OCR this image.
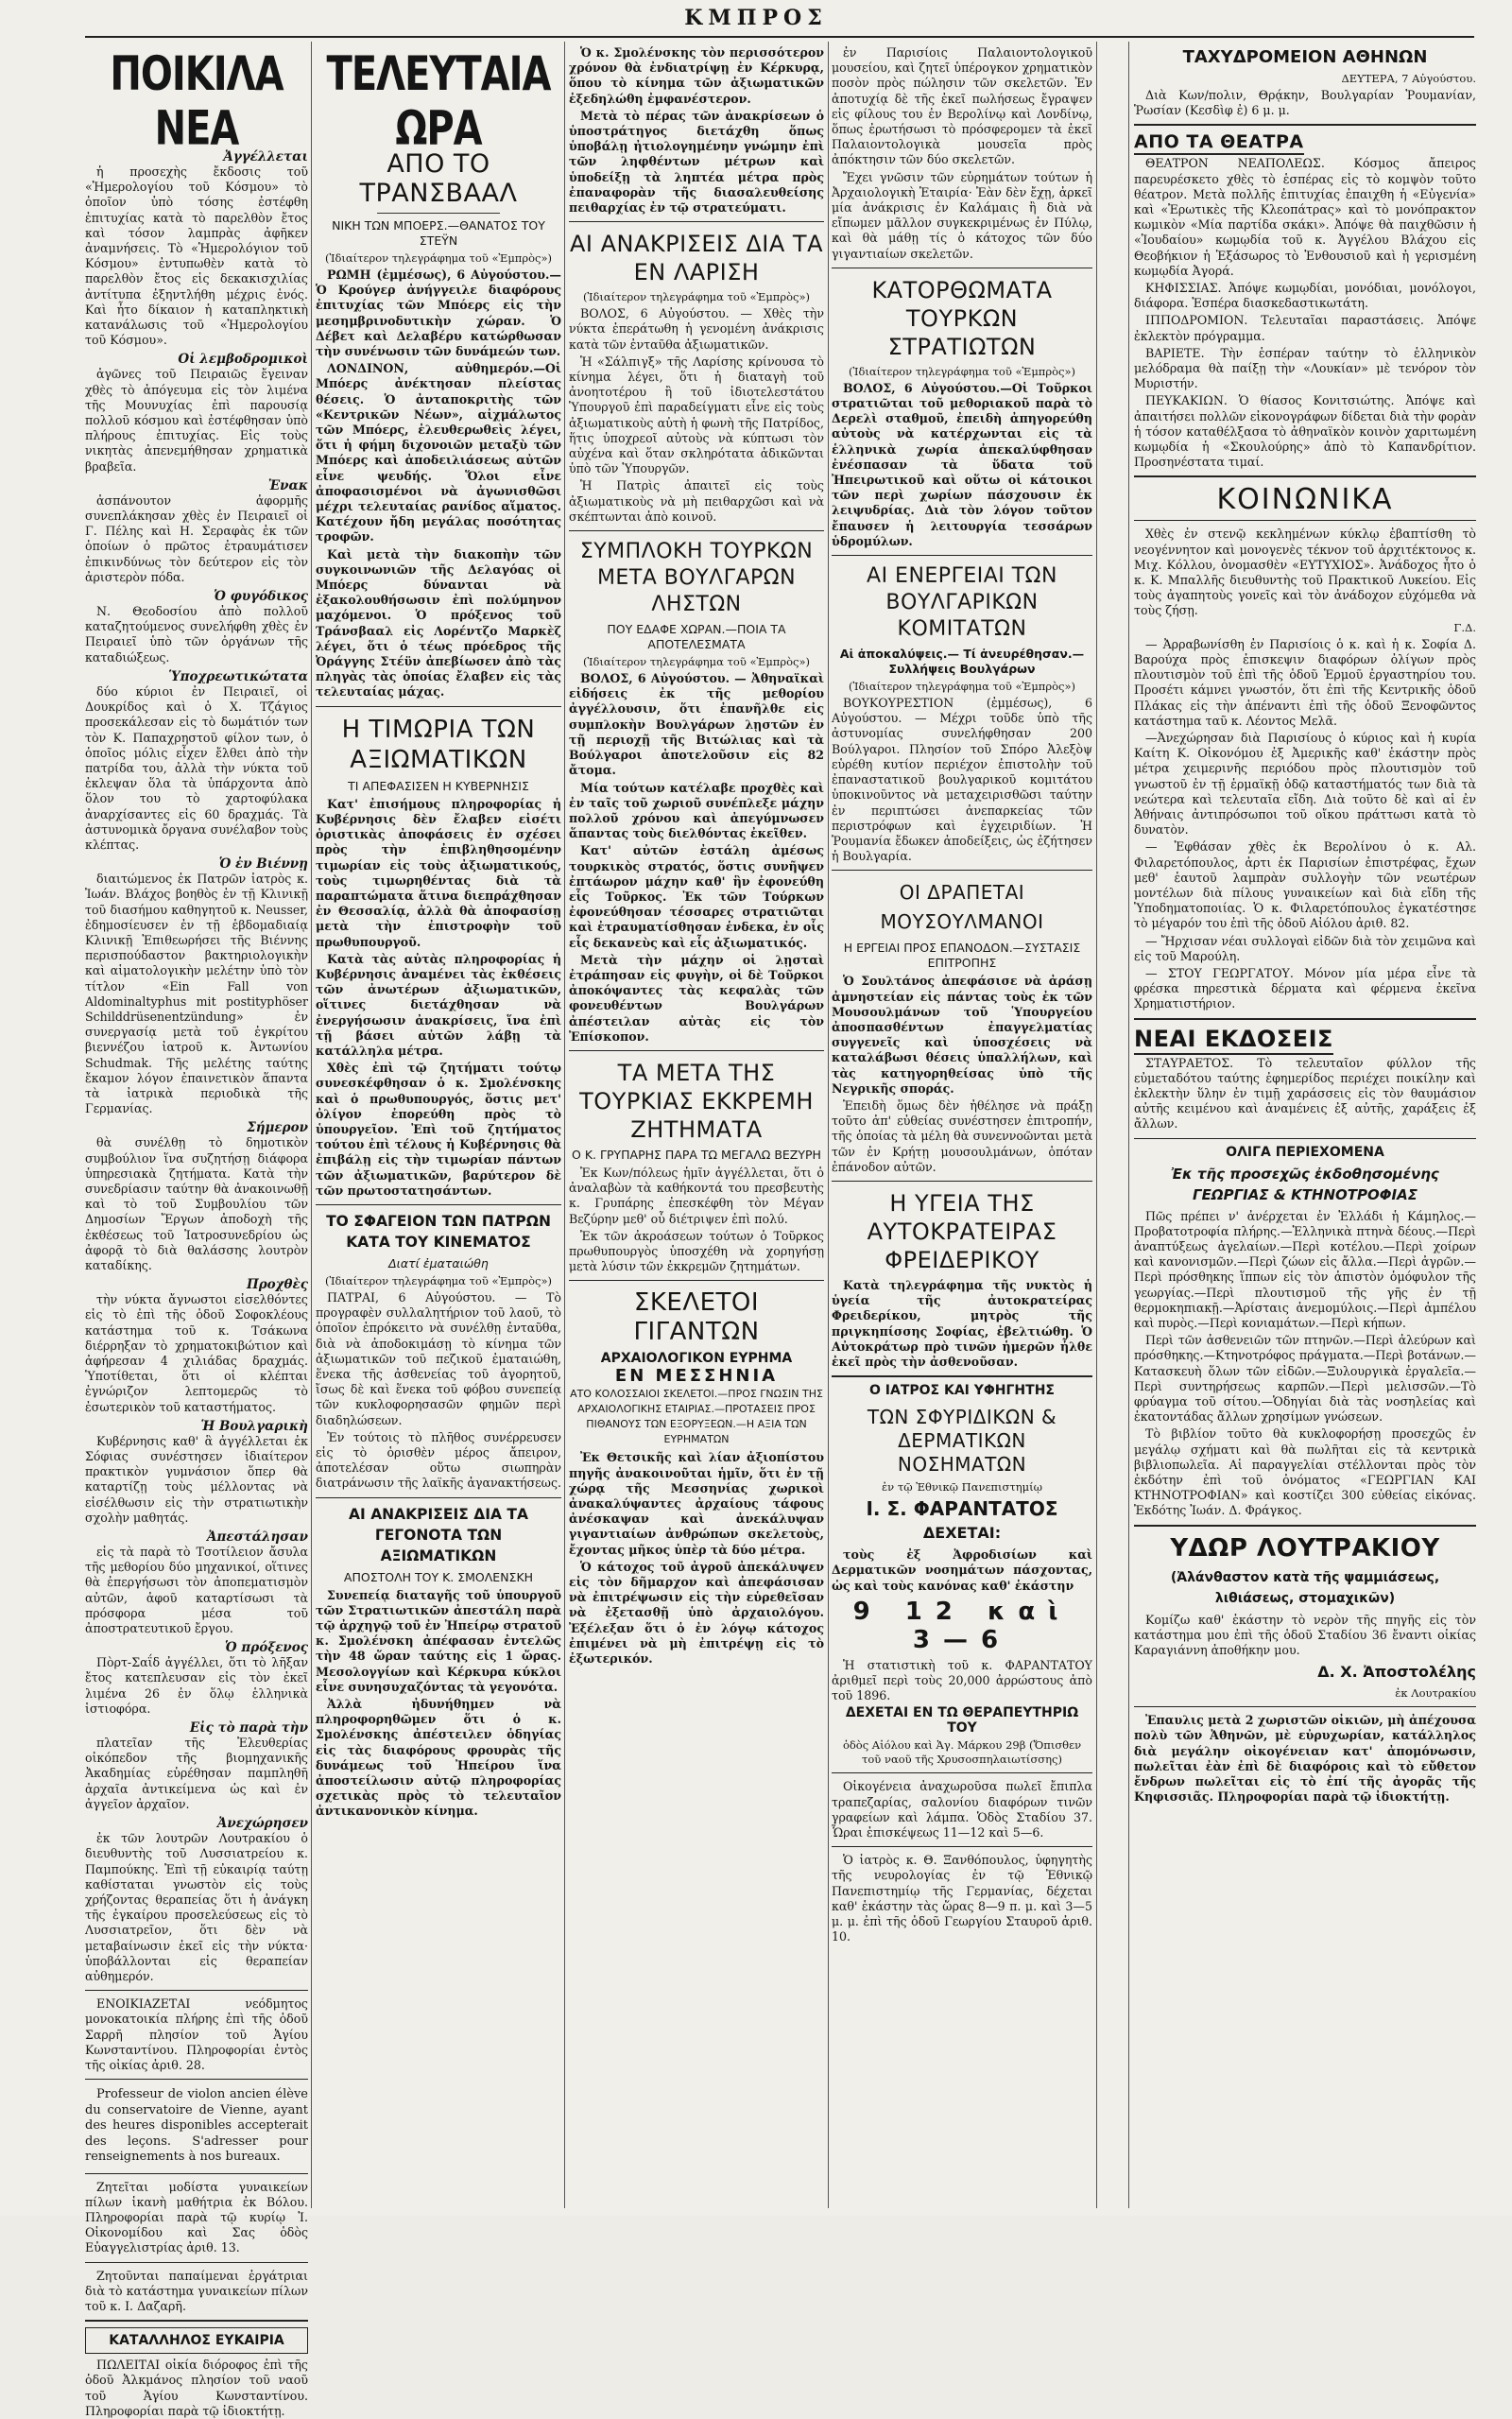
ΚΜΠΡΟΣ
ΠΟΙΚΙΛΑ ΝΕΑ
Ἀγγέλλεται

ἡ προσεχὴς ἔκδοσις τοῦ «Ἡμερολογίου τοῦ Κόσμου» τὸ ὁποῖον ὑπὸ τόσης ἐστέφθη ἐπιτυχίας κατὰ τὸ παρελθὸν ἔτος καὶ τόσον λαμπρὰς ἀφῆκεν ἀναμνήσεις. Τὸ «Ἡμερολόγιον τοῦ Κόσμου» ἐντυπωθὲν κατὰ τὸ παρελθὸν ἔτος εἰς δεκακισχιλίας ἀντίτυπα ἐξηντλήθη μέχρις ἑνός. Καὶ ἦτο δίκαιον ἡ καταπληκτικὴ κατανάλωσις τοῦ «Ἡμερολογίου τοῦ Κόσμου».

Οἱ λεμβοδρομικοὶ

ἀγῶνες τοῦ Πειραιῶς ἔγειναν χθὲς τὸ ἀπόγευμα εἰς τὸν λιμένα τῆς Μουνυχίας ἐπὶ παρουσίᾳ πολλοῦ κόσμου καὶ ἐστέφθησαν ὑπὸ πλήρους ἐπιτυχίας. Εἰς τοὺς νικητὰς ἀπενεμήθησαν χρηματικὰ βραβεῖα.

Ἐνακ

ἀσπάνουτον ἀφορμῆς συνεπλάκησαν χθὲς ἐν Πειραιεῖ οἱ Γ. Πέλης καὶ Η. Σεραφὰς ἐκ τῶν ὁποίων ὁ πρῶτος ἐτραυμάτισεν ἐπικινδύνως τὸν δεύτερον εἰς τὸν ἀριστερὸν πόδα.

Ὁ φυγόδικος

Ν. Θεοδοσίου ἀπὸ πολλοῦ καταζητούμενος συνελήφθη χθὲς ἐν Πειραιεῖ ὑπὸ τῶν ὀργάνων τῆς καταδιώξεως.

Ὑποχρεωτικώτατα

δύο κύριοι ἐν Πειραιεῖ, οἱ Δουκρίδος καὶ ὁ Χ. Τζάγιος προσεκάλεσαν εἰς τὸ δωμάτιόν των τὸν Κ. Παπαχρηστοῦ φίλον των, ὁ ὁποῖος μόλις εἶχεν ἔλθει ἀπὸ τὴν πατρίδα του, ἀλλὰ τὴν νύκτα τοῦ ἐκλεψαν ὅλα τὰ ὑπάρχοντα ἀπὸ ὅλον του τὸ χαρτοφύλακα ἀναρχίσαντες εἰς 60 δραχμάς. Τὰ ἀστυνομικὰ ὄργανα συνέλαβον τοὺς κλέπτας.

Ὁ ἐν Βιέννῃ

διαιτώμενος ἐκ Πατρῶν ἰατρὸς κ. Ἰωάν. Βλάχος βοηθὸς ἐν τῇ Κλινικῇ τοῦ διασήμου καθηγητοῦ κ. Neusser, ἐδημοσίευσεν ἐν τῇ ἑβδομαδιαίᾳ Κλινικῇ Ἐπιθεωρήσει τῆς Βιέννης περισπούδαστον βακτηριολογικὴν καὶ αἱματολογικὴν μελέτην ὑπὸ τὸν τίτλον «Ein Fall von Aldominaltyphus mit postityphöser Schilddrüsenentzündung» ἐν συνεργασίᾳ μετὰ τοῦ ἐγκρίτου βιεννέζου ἰατροῦ κ. Ἀντωνίου Schudmak. Τῆς μελέτης ταύτης ἔκαμον λόγον ἐπαινετικὸν ἅπαντα τὰ ἰατρικὰ περιοδικὰ τῆς Γερμανίας.

Σήμερον

θὰ συνέλθῃ τὸ δημοτικὸν συμβούλιον ἵνα συζητήσῃ διάφορα ὑπηρεσιακὰ ζητήματα. Κατὰ τὴν συνεδρίασιν ταύτην θὰ ἀνακοινωθῇ καὶ τὸ τοῦ Συμβουλίου τῶν Δημοσίων Ἔργων ἀποδοχὴ τῆς ἐκθέσεως τοῦ Ἰατροσυνεδρίου ὡς ἀφορᾷ τὸ διὰ θαλάσσης λουτρὸν καταδίκης.

Προχθὲς

τὴν νύκτα ἄγνωστοι εἰσελθόντες εἰς τὸ ἐπὶ τῆς ὁδοῦ Σοφοκλέους κατάστημα τοῦ κ. Τσάκωνα διέρρηξαν τὸ χρηματοκιβώτιον καὶ ἀφήρεσαν 4 χιλιάδας δραχμάς. Ὑποτίθεται, ὅτι οἱ κλέπται ἐγνώριζον λεπτομερῶς τὸ ἐσωτερικὸν τοῦ καταστήματος.

Ἡ Βουλγαρικὴ

Κυβέρνησις καθ' ἃ ἀγγέλλεται ἐκ Σόφιας συνέστησεν ἰδιαίτερον πρακτικὸν γυμνάσιον ὅπερ θὰ καταρτίζῃ τοὺς μέλλοντας νὰ εἰσέλθωσιν εἰς τὴν στρατιωτικὴν σχολὴν μαθητάς.

Ἀπεστάλησαν

εἰς τὰ παρὰ τὸ Τσοτίλειον ἄσυλα τῆς μεθορίου δύο μηχανικοί, οἵτινες θὰ ἐπεργήσωσι τὸν ἀποπεματισμὸν αὐτῶν, ἀφοῦ καταρτίσωσι τὰ πρόσφορα μέσα τοῦ ἀποστρατευτικοῦ ἔργου.

Ὁ πρόξενος

Πὸρτ-Σαΐδ ἀγγέλλει, ὅτι τὸ λῆξαν ἔτος κατεπλευσαν εἰς τὸν ἐκεῖ λιμένα 26 ἐν ὅλῳ ἑλληνικὰ ἱστιοφόρα.

Εἰς τὸ παρὰ τὴν

πλατεῖαν τῆς Ἐλευθερίας οἰκόπεδον τῆς βιομηχανικῆς Ἀκαδημίας εὑρέθησαν παμπληθῆ ἀρχαῖα ἀντικείμενα ὡς καὶ ἐν ἀγγεῖον ἀρχαῖον.

Ἀνεχώρησεν

ἐκ τῶν λουτρῶν Λουτρακίου ὁ διευθυντὴς τοῦ Λυσσιατρείου κ. Παμπούκης. Ἐπὶ τῇ εὐκαιρίᾳ ταύτῃ καθίσταται γνωστὸν εἰς τοὺς χρήζοντας θεραπείας ὅτι ἡ ἀνάγκη τῆς ἐγκαίρου προσελεύσεως εἰς τὸ Λυσσιατρεῖον, ὅτι δὲν νὰ μεταβαίνωσιν ἐκεῖ εἰς τὴν νύκτα· ὑποβάλλονται εἰς θεραπείαν αὐθημερόν.

ΕΝΟΙΚΙΑΖΕΤΑΙ νεόδμητος μονοκατοικία πλήρης ἐπὶ τῆς ὁδοῦ Σαρρῆ πλησίον τοῦ Ἀγίου Κωνσταντίνου. Πληροφορίαι ἐντὸς τῆς οἰκίας ἀριθ. 28.

Professeur de violon ancien élève du conservatoire de Vienne, ayant des heures disponibles accepterait des leçons. S'adresser pour renseignements à nos bureaux.

Ζητεῖται μοδίστα γυναικείων πίλων ἱκανὴ μαθήτρια ἐκ Βόλου. Πληροφορίαι παρὰ τῷ κυρίῳ Ἰ. Οἰκονομίδου καὶ Σας ὁδὸς Εὐαγγελιστρίας ἀριθ. 13.

Ζητοῦνται παπαίμεναι ἐργάτριαι διὰ τὸ κατάστημα γυναικείων πίλων τοῦ κ. Ι. Δαζαρῆ.

ΚΑΤΑΛΛΗΛΟΣ ΕΥΚΑΙΡΙΑ

ΠΩΛΕΙΤΑΙ οἰκία διόροφος ἐπὶ τῆς ὁδοῦ Ἀλκμάνος πλησίον τοῦ ναοῦ τοῦ Ἁγίου Κωνσταντίνου. Πληροφορίαι παρὰ τῷ ἰδιοκτήτῃ.

ΤΕΛΕΥΤΑΙΑ ΩΡΑ
ΑΠΟ ΤΟ ΤΡΑΝΣΒΑΑΛ
ΝΙΚΗ ΤΩΝ ΜΠΟΕΡΣ.—ΘΑΝΑΤΟΣ ΤΟΥ ΣΤΕΫΝ
(Ἰδιαίτερον τηλεγράφημα τοῦ «Ἐμπρὸς»)

ΡΩΜΗ (ἐμμέσως), 6 Αὐγούστου.—Ὁ Κρούγερ ἀνήγγειλε διαφόρους ἐπιτυχίας τῶν Μπόερς εἰς τὴν μεσημβρινοδυτικὴν χώραν. Ὁ Δέβετ καὶ Δελαβέρυ κατώρθωσαν τὴν συνένωσιν τῶν δυνάμεών των.

ΛΟΝΔΙΝΟΝ, αὐθημερόν.—Οἱ Μπόερς ἀνέκτησαν πλείστας θέσεις. Ὁ ἀνταποκριτὴς τῶν «Κεντρικῶν Νέων», αἰχμάλωτος τῶν Μπόερς, ἐλευθερωθεὶς λέγει, ὅτι ἡ φήμη διχονοιῶν μεταξὺ τῶν Μπόερς καὶ ἀποδειλιάσεως αὐτῶν εἶνε ψευδής. Ὅλοι εἶνε ἀποφασισμένοι νὰ ἀγωνισθῶσι μέχρι τελευταίας ρανίδος αἵματος. Κατέχουν ἤδη μεγάλας ποσότητας τροφῶν.

Καὶ μετὰ τὴν διακοπὴν τῶν συγκοινωνιῶν τῆς Δελαγόας οἱ Μπόερς δύνανται νὰ ἐξακολουθήσωσιν ἐπὶ πολύμηνον μαχόμενοι. Ὁ πρόξενος τοῦ Τράνσβααλ εἰς Λορέντζο Μαρκὲζ λέγει, ὅτι ὁ τέως πρόεδρος τῆς Ὀράγγης Στέϋν ἀπεβίωσεν ἀπὸ τὰς πληγὰς τὰς ὁποίας ἔλαβεν εἰς τὰς τελευταίας μάχας.

Η ΤΙΜΩΡΙΑ ΤΩΝ ΑΞΙΩΜΑΤΙΚΩΝ
ΤΙ ΑΠΕΦΑΣΙΣΕΝ Η ΚΥΒΕΡΝΗΣΙΣ

Κατ' ἐπισήμους πληροφορίας ἡ Κυβέρνησις δὲν ἔλαβεν εἰσέτι ὁριστικὰς ἀποφάσεις ἐν σχέσει πρὸς τὴν ἐπιβληθησομένην τιμωρίαν εἰς τοὺς ἀξιωματικούς, τοὺς τιμωρηθέντας διὰ τὰ παραπτώματα ἅτινα διεπράχθησαν ἐν Θεσσαλίᾳ, ἀλλὰ θὰ ἀποφασίσῃ μετὰ τὴν ἐπιστροφὴν τοῦ πρωθυπουργοῦ.

Κατὰ τὰς αὐτὰς πληροφορίας ἡ Κυβέρνησις ἀναμένει τὰς ἐκθέσεις τῶν ἀνωτέρων ἀξιωματικῶν, οἵτινες διετάχθησαν νὰ ἐνεργήσωσιν ἀνακρίσεις, ἵνα ἐπὶ τῇ βάσει αὐτῶν λάβῃ τὰ κατάλληλα μέτρα.

Χθὲς ἐπὶ τῷ ζητήματι τούτῳ συνεσκέφθησαν ὁ κ. Σμολένσκης καὶ ὁ πρωθυπουργός, ὅστις μετ' ὀλίγον ἐπορεύθη πρὸς τὸ ὑπουργεῖον. Ἐπὶ τοῦ ζητήματος τούτου ἐπὶ τέλους ἡ Κυβέρνησις θὰ ἐπιβάλῃ εἰς τὴν τιμωρίαν πάντων τῶν ἀξιωματικῶν, βαρύτερον δὲ τῶν πρωτοστατησάντων.

ΤΟ ΣΦΑΓΕΙΟΝ ΤΩΝ ΠΑΤΡΩΝ ΚΑΤΑ ΤΟΥ ΚΙΝΕΜΑΤΟΣ
Διατί ἐματαιώθη
(Ἰδιαίτερον τηλεγράφημα τοῦ «Ἐμπρὸς»)

ΠΑΤΡΑΙ, 6 Αὐγούστου. — Τὸ προγραφὲν συλλαλητήριον τοῦ λαοῦ, τὸ ὁποῖον ἐπρόκειτο νὰ συνέλθῃ ἐνταῦθα, διὰ νὰ ἀποδοκιμάσῃ τὸ κίνημα τῶν ἀξιωματικῶν τοῦ πεζικοῦ ἐματαιώθη, ἕνεκα τῆς ἀσθενείας τοῦ ἀγορητοῦ, ἴσως δὲ καὶ ἕνεκα τοῦ φόβου συνεπείᾳ τῶν κυκλοφορησασῶν φημῶν περὶ διαδηλώσεων.

Ἐν τούτοις τὸ πλῆθος συνέρρευσεν εἰς τὸ ὁρισθὲν μέρος ἄπειρον, ἀποτελέσαν οὕτω σιωπηρὰν διατράνωσιν τῆς λαϊκῆς ἀγανακτήσεως.

ΑΙ ΑΝΑΚΡΙΣΕΙΣ ΔΙΑ ΤΑ ΓΕΓΟΝΟΤΑ ΤΩΝ ΑΞΙΩΜΑΤΙΚΩΝ
ΑΠΟΣΤΟΛΗ ΤΟΥ Κ. ΣΜΟΛΕΝΣΚΗ

Συνεπείᾳ διαταγῆς τοῦ ὑπουργοῦ τῶν Στρατιωτικῶν ἀπεστάλη παρὰ τῷ ἀρχηγῷ τοῦ ἐν Ἠπείρῳ στρατοῦ κ. Σμολένσκη ἀπέφασαν ἐντελῶς τὴν 48 ὥραν ταύτης εἰς 1 ὥρας. Μεσολογγίων καὶ Κέρκυρα κύκλοι εἶνε συνησυχαζόντας τὰ γεγονότα.

Ἀλλὰ ἠδυνήθημεν νὰ πληροφορηθῶμεν ὅτι ὁ κ. Σμολένσκης ἀπέστειλεν ὁδηγίας εἰς τὰς διαφόρους φρουρὰς τῆς δυνάμεως τοῦ Ἠπείρου ἵνα ἀποστείλωσιν αὐτῷ πληροφορίας σχετικὰς πρὸς τὸ τελευταῖον ἀντικανονικὸν κίνημα.

Ὁ κ. Σμολένσκης τὸν περισσότερον χρόνον θὰ ἐνδιατρίψῃ ἐν Κέρκυρᾳ, ὅπου τὸ κίνημα τῶν ἀξιωματικῶν ἐξεδηλώθη ἐμφανέστερον.

Μετὰ τὸ πέρας τῶν ἀνακρίσεων ὁ ὑποστράτηγος διετάχθη ὅπως ὑποβάλῃ ἠτιολογημένην γνώμην ἐπὶ τῶν ληφθέντων μέτρων καὶ ὑποδείξῃ τὰ ληπτέα μέτρα πρὸς ἐπαναφορὰν τῆς διασαλευθείσης πειθαρχίας ἐν τῷ στρατεύματι.

ΑΙ ΑΝΑΚΡΙΣΕΙΣ ΔΙΑ ΤΑ ΕΝ ΛΑΡΙΣΗ
(Ἰδιαίτερον τηλεγράφημα τοῦ «Ἐμπρὸς»)

ΒΟΛΟΣ, 6 Αὐγούστου. — Χθὲς τὴν νύκτα ἐπεράτωθη ἡ γενομένη ἀνάκρισις κατὰ τῶν ἐνταῦθα ἀξιωματικῶν.

Ἡ «Σάλπιγξ» τῆς Λαρίσης κρίνουσα τὸ κίνημα λέγει, ὅτι ἡ διαταγὴ τοῦ ἀνοητοτέρου ἢ τοῦ ἰδιοτελεστάτου Ὑπουργοῦ ἐπὶ παραδείγματι εἶνε εἰς τοὺς ἀξιωματικοὺς αὐτὴ ἡ φωνὴ τῆς Πατρίδος, ἥτις ὑποχρεοῖ αὐτοὺς νὰ κύπτωσι τὸν αὐχένα καὶ ὅταν σκληρότατα ἀδικῶνται ὑπὸ τῶν Ὑπουργῶν.

Ἡ Πατρὶς ἀπαιτεῖ εἰς τοὺς ἀξιωματικοὺς νὰ μὴ πειθαρχῶσι καὶ νὰ σκέπτωνται ἀπὸ κοινοῦ.

ΣΥΜΠΛΟΚΗ ΤΟΥΡΚΩΝ ΜΕΤΑ ΒΟΥΛΓΑΡΩΝ ΛΗΣΤΩΝ
ΠΟΥ ΕΔΑΦΕ ΧΩΡΑΝ.—ΠΟΙΑ ΤΑ ΑΠΟΤΕΛΕΣΜΑΤΑ
(Ἰδιαίτερον τηλεγράφημα τοῦ «Ἐμπρὸς»)

ΒΟΛΟΣ, 6 Αὐγούστου. — Ἀθηναϊκαὶ εἰδήσεις ἐκ τῆς μεθορίου ἀγγέλλουσιν, ὅτι ἐπανῆλθε εἰς συμπλοκὴν Βουλγάρων λῃστῶν ἐν τῇ περιοχῇ τῆς Βιτώλιας καὶ τὰ Βούλγαροι ἀποτελοῦσιν εἰς 82 ἄτομα.

Μία τούτων κατέλαβε προχθὲς καὶ ἐν ταῖς τοῦ χωριοῦ συνέπλεξε μάχην πολλοῦ χρόνου καὶ ἀπεγύμνωσεν ἅπαντας τοὺς διελθόντας ἐκεῖθεν.

Κατ' αὐτῶν ἐστάλη ἀμέσως τουρκικὸς στρατός, ὅστις συνῆψεν ἐπτάωρον μάχην καθ' ἣν ἐφονεύθη εἷς Τοῦρκος. Ἐκ τῶν Τούρκων ἐφονεύθησαν τέσσαρες στρατιῶται καὶ ἐτραυματίσθησαν ἑνδεκα, ἐν οἷς εἷς δεκανεὺς καὶ εἷς ἀξιωματικός.

Μετὰ τὴν μάχην οἱ λῃσταὶ ἐτράπησαν εἰς φυγὴν, οἱ δὲ Τοῦρκοι ἀποκόψαντες τὰς κεφαλὰς τῶν φονευθέντων Βουλγάρων ἀπέστειλαν αὐτὰς εἰς τὸν Ἐπίσκοπον.

ΤΑ ΜΕΤΑ ΤΗΣ ΤΟΥΡΚΙΑΣ ΕΚΚΡΕΜΗ ΖΗΤΗΜΑΤΑ
Ο Κ. ΓΡΥΠΑΡΗΣ ΠΑΡΑ ΤΩ ΜΕΓΑΛΩ ΒΕΖΥΡΗ

Ἐκ Κων/πόλεως ἡμῖν ἀγγέλλεται, ὅτι ὁ ἀναλαβὼν τὰ καθήκοντά του πρεσβευτὴς κ. Γρυπάρης ἐπεσκέφθη τὸν Μέγαν Βεζύρην μεθ' οὗ διέτριψεν ἐπὶ πολύ.

Ἐκ τῶν ἀκροάσεων τούτων ὁ Τοῦρκος πρωθυπουργὸς ὑποσχέθη νὰ χορηγήσῃ μετὰ λύσιν τῶν ἐκκρεμῶν ζητημάτων.

ΣΚΕΛΕΤΟΙ ΓΙΓΑΝΤΩΝ
ΑΡΧΑΙΟΛΟΓΙΚΟΝ ΕΥΡΗΜΑ
ΕΝ ΜΕΣΣΗΝΙΑ
ΑΤΟ ΚΟΛΟΣΣΑΙΟΙ ΣΚΕΛΕΤΟΙ.—ΠΡΟΣ ΓΝΩΣΙΝ ΤΗΣ ΑΡΧΑΙΟΛΟΓΙΚΗΣ ΕΤΑΙΡΙΑΣ.—ΠΡΟΤΑΣΕΙΣ ΠΡΟΣ ΠΙΘΑΝΟΥΣ ΤΩΝ ΕΞΟΡΥΞΕΩΝ.—Η ΑΞΙΑ ΤΩΝ ΕΥΡΗΜΑΤΩΝ

Ἐκ Θετσικῆς καὶ λίαν ἀξιοπίστου πηγῆς ἀνακοινοῦται ἡμῖν, ὅτι ἐν τῇ χώρᾳ τῆς Μεσσηνίας χωρικοὶ ἀνακαλύψαντες ἀρχαίους τάφους ἀνέσκαψαν καὶ ἀνεκάλυψαν γιγαντιαίων ἀνθρώπων σκελετοὺς, ἔχοντας μῆκος ὑπὲρ τὰ δύο μέτρα.

Ὁ κάτοχος τοῦ ἀγροῦ ἀπεκάλυψεν εἰς τὸν δῆμαρχον καὶ ἀπεφάσισαν νὰ ἐπιτρέψωσιν εἰς τὴν εὑρεθεῖσαν νὰ ἐξετασθῇ ὑπὸ ἀρχαιολόγου. Ἐξέλεξαν ὅτι ὁ ἐν λόγῳ κάτοχος ἐπιμένει νὰ μὴ ἐπιτρέψῃ εἰς τὸ ἐξωτερικόν.

ἐν Παρισίοις Παλαιοντολογικοῦ μουσείου, καὶ ζητεῖ ὑπέρογκον χρηματικὸν ποσὸν πρὸς πώλησιν τῶν σκελετῶν. Ἐν ἀποτυχίᾳ δὲ τῆς ἐκεῖ πωλήσεως ἔγραψεν εἰς φίλους του ἐν Βερολίνῳ καὶ Λονδίνῳ, ὅπως ἐρωτήσωσι τὸ πρόσφερομεν τὰ ἐκεῖ Παλαιοντολογικὰ μουσεῖα πρὸς ἀπόκτησιν τῶν δύο σκελετῶν.

Ἔχει γνῶσιν τῶν εὑρημάτων τούτων ἡ Ἀρχαιολογικὴ Ἑταιρία· Ἐὰν δὲν ἔχῃ, ἀρκεῖ μία ἀνάκρισις ἐν Καλάμαις ἢ διὰ νὰ εἴπωμεν μᾶλλον συγκεκριμένως ἐν Πύλῳ, καὶ θὰ μάθῃ τίς ὁ κάτοχος τῶν δύο γιγαντιαίων σκελετῶν.

ΚΑΤΟΡΘΩΜΑΤΑ ΤΟΥΡΚΩΝ ΣΤΡΑΤΙΩΤΩΝ
(Ἰδιαίτερον τηλεγράφημα τοῦ «Ἐμπρὸς»)

ΒΟΛΟΣ, 6 Αὐγούστου.—Οἱ Τοῦρκοι στρατιῶται τοῦ μεθοριακοῦ παρὰ τὸ Δερελὶ σταθμοῦ, ἐπειδὴ ἀπηγορεύθη αὐτοὺς νὰ κατέρχωνται εἰς τὰ ἑλληνικὰ χωρία ἀπεκαλύφθησαν ἐνέσπασαν τὰ ὕδατα τοῦ Ἠπειρωτικοῦ καὶ οὕτω οἱ κάτοικοι τῶν περὶ χωρίων πάσχουσιν ἐκ λειψυδρίας. Διὰ τὸν λόγον τοῦτον ἔπαυσεν ἡ λειτουργία τεσσάρων ὑδρομύλων.

ΑΙ ΕΝΕΡΓΕΙΑΙ ΤΩΝ ΒΟΥΛΓΑΡΙΚΩΝ ΚΟΜΙΤΑΤΩΝ
Αἱ ἀποκαλύψεις.— Τί ἀνευρέθησαν.— Συλλήψεις Βουλγάρων
(Ἰδιαίτερον τηλεγράφημα τοῦ «Ἐμπρὸς»)

ΒΟΥΚΟΥΡΕΣΤΙΟΝ (ἐμμέσως), 6 Αὐγούστου. — Μέχρι τοῦδε ὑπὸ τῆς ἀστυνομίας συνελήφθησαν 200 Βούλγαροι. Πλησίον τοῦ Σπόρο Ἀλεξὸψ εὑρέθη κυτίον περιέχον ἐπιστολὴν τοῦ ἐπαναστατικοῦ βουλγαρικοῦ κομιτάτου ὑποκινοῦντος νὰ μεταχειρισθῶσι ταύτην ἐν περιπτώσει ἀνεπαρκείας τῶν περιστρόφων καὶ ἐγχειριδίων. Ἡ Ῥουμανία ἔδωκεν ἀποδείξεις, ὡς ἐζήτησεν ἡ Βουλγαρία.

ΟΙ ΔΡΑΠΕΤΑΙ ΜΟΥΣΟΥΛΜΑΝΟΙ
Η ΕΡΓΕΙΑΙ ΠΡΟΣ ΕΠΑΝΟΔΟΝ.—ΣΥΣΤΑΣΙΣ ΕΠΙΤΡΟΠΗΣ

Ὁ Σουλτάνος ἀπεφάσισε νὰ ἀράσῃ ἀμνηστείαν εἰς πάντας τοὺς ἐκ τῶν Μουσουλμάνων τοῦ Ὑπουργείου ἀποσπασθέντων ἐπαγγελματίας συγγενεῖς καὶ ὑποσχέσεις νὰ καταλάβωσι θέσεις ὑπαλλήλων, καὶ τὰς κατηγορηθείσας ὑπὸ τῆς Νεγρικῆς σποράς.

Ἐπειδὴ ὅμως δὲν ἠθέλησε νὰ πράξῃ τοῦτο ἀπ' εὐθείας συνέστησεν ἐπιτροπήν, τῆς ὁποίας τὰ μέλη θὰ συνεννοῶνται μετὰ τῶν ἐν Κρήτῃ μουσουλμάνων, ὁπόταν ἐπάνοδον αὐτῶν.

Η ΥΓΕΙΑ ΤΗΣ ΑΥΤΟΚΡΑΤΕΙΡΑΣ ΦΡΕΙΔΕΡΙΚΟΥ

Κατὰ τηλεγράφημα τῆς νυκτὸς ἡ ὑγεία τῆς ἀυτοκρατείρας Φρειδερίκου, μητρὸς τῆς πριγκηπίσσης Σοφίας, ἐβελτιώθη. Ὁ Αὐτοκράτωρ πρὸ τινῶν ἡμερῶν ἦλθε ἐκεῖ πρὸς τὴν ἀσθενοῦσαν.

Ο ΙΑΤΡΟΣ ΚΑΙ ΥΦΗΓΗΤΗΣ
ΤΩΝ ΣΦΥΡΙΔΙΚΩΝ & ΔΕΡΜΑΤΙΚΩΝ ΝΟΣΗΜΑΤΩΝ
ἐν τῷ Ἐθνικῷ Πανεπιστημίῳ
Ι. Σ. ΦΑΡΑΝΤΑΤΟΣ
ΔΕΧΕΤΑΙ:

τοὺς ἐξ Ἀφροδισίων καὶ Δερματικῶν νοσημάτων πάσχοντας, ὡς καὶ τοὺς κανόνας καθ' ἑκάστην

9 12 καὶ 3—6

Ἡ στατιστικὴ τοῦ κ. ΦΑΡΑΝΤΑΤΟΥ ἀριθμεῖ περὶ τοὺς 20,000 ἀρρώστους ἀπὸ τοῦ 1896.

ΔΕΧΕΤΑΙ ΕΝ ΤΩ ΘΕΡΑΠΕΥΤΗΡΙΩ ΤΟΥ
ὁδὸς Αἰόλου καὶ Ἁγ. Μάρκου 29β (Ὄπισθεν τοῦ ναοῦ τῆς Χρυσοσπηλαιωτίσσης)

Οἰκογένεια ἀναχωροῦσα πωλεῖ ἔπιπλα τραπεζαρίας, σαλονίου διαφόρων τινῶν γραφείων καὶ λάμπα. Ὁδὸς Σταδίου 37. Ὧραι ἐπισκέψεως 11—12 καὶ 5—6.

Ὁ ἰατρὸς κ. Θ. Ξανθόπουλος, ὑφηγητὴς τῆς νευρολογίας ἐν τῷ Ἐθνικῷ Πανεπιστημίῳ τῆς Γερμανίας, δέχεται καθ' ἑκάστην τὰς ὥρας 8—9 π. μ. καὶ 3—5 μ. μ. ἐπὶ τῆς ὁδοῦ Γεωργίου Σταυροῦ ἀριθ. 10.

ΤΑΧΥΔΡΟΜΕΙΟΝ ΑΘΗΝΩΝ
ΔΕΥΤΕΡΑ, 7 Αὐγούστου.

Διὰ Κων/πολιν, Θρᾴκην, Βουλγαρίαν Ῥουμανίαν, Ῥωσίαν (Κεσδὶφ ἐ) 6 μ. μ.

ΑΠΟ ΤΑ ΘΕΑΤΡΑ

ΘΕΑΤΡΟΝ ΝΕΑΠΟΛΕΩΣ. Κόσμος ἄπειρος παρευρέσκετο χθὲς τὸ ἑσπέρας εἰς τὸ κομψὸν τοῦτο θέατρον. Μετὰ πολλῆς ἐπιτυχίας ἐπαιχθη ἡ «Εὐγενία» καὶ «Ἐρωτικὲς τῆς Κλεοπάτρας» καὶ τὸ μονόπρακτον κωμικὸν «Μία παρτίδα σκάκι». Ἀπόψε θὰ παιχθῶσιν ἡ «Ἰουδαίου» κωμῳδία τοῦ κ. Ἀγγέλου Βλάχου εἰς Θεοβήκιον ἡ Ἐξάσωρος τὸ Ἐνθουσιοῦ καὶ ἡ γερισμένη κωμῳδία Ἀγορά.

ΚΗΦΙΣΣΙΑΣ. Ἀπόψε κωμῳδίαι, μονόδιαι, μονόλογοι, διάφορα. Ἑσπέρα διασκεδαστικωτάτη.

ΙΠΠΟΔΡΟΜΙΟΝ. Τελευταῖαι παραστάσεις. Ἀπόψε ἐκλεκτὸν πρόγραμμα.

ΒΑΡΙΕΤΕ. Τὴν ἑσπέραν ταύτην τὸ ἑλληνικὸν μελόδραμα θὰ παίξῃ τὴν «Λουκίαν» μὲ τενόρον τὸν Μυριστήν.

ΠΕΥΚΑΚΙΩΝ. Ὁ θίασος Κονιτσιώτης. Ἀπόψε καὶ ἀπαιτήσει πολλῶν εἰκονογράφων δίδεται διὰ τὴν φορὰν ἡ τόσον καταθέλξασα τὸ ἀθηναϊκὸν κοινὸν χαριτωμένη κωμῳδία ἡ «Σκουλούρης» ἀπὸ τὸ Καπανδρίτιον. Προσηνέστατα τιμαί.

ΚΟΙΝΩΝΙΚΑ

Χθὲς ἐν στενῷ κεκλημένων κύκλῳ ἐβαπτίσθη τὸ νεογέννητον καὶ μονογενὲς τέκνον τοῦ ἀρχιτέκτονος κ. Μιχ. Κόλλου, ὀνομασθὲν «ΕΥΤΥΧΙΟΣ». Ἀνάδοχος ἦτο ὁ κ. Κ. Μπαλλῆς διευθυντὴς τοῦ Πρακτικοῦ Λυκείου. Εἰς τοὺς ἀγαπητοὺς γονεῖς καὶ τὸν ἀνάδοχον εὐχόμεθα νὰ τοὺς ζήσῃ.

Γ.Δ.

— Ἀρραβωνίσθη ἐν Παρισίοις ὁ κ. καὶ ἡ κ. Σοφία Δ. Βαρούχα πρὸς ἐπισκεψιν διαφόρων ὀλίγων πρὸς πλουτισμὸν τοῦ ἐπὶ τῆς ὁδοῦ Ἑρμοῦ ἐργαστηρίου του. Προσέτι κάμνει γνωστόν, ὅτι ἐπὶ τῆς Κεντρικῆς ὁδοῦ Πλάκας εἰς τὴν ἀπέναντι ἐπὶ τῆς ὁδοῦ Ξενοφῶντος κατάστημα ταῦ κ. Λέοντος Μελᾶ.

—Ἀνεχώρησαν διὰ Παρισίους ὁ κύριος καὶ ἡ κυρία Καίτη Κ. Οἰκονόμου ἐξ Ἀμερικῆς καθ' ἑκάστην πρὸς μέτρα χειμερινῆς περιόδου πρὸς πλουτισμὸν τοῦ γνωστοῦ ἐν τῇ ἑρμαϊκῇ ὁδῷ καταστήματός των διὰ τὰ νεώτερα καὶ τελευταῖα εἴδη. Διὰ τοῦτο δὲ καὶ αἱ ἐν Ἀθήναις ἀντιπρόσωποι τοῦ οἴκου πράττωσι κατὰ τὸ δυνατὸν.

— Ἐφθάσαν χθὲς ἐκ Βερολίνου ὁ κ. Αλ. Φιλαρετόπουλος, ἀρτι ἐκ Παρισίων ἐπιστρέφας, ἔχων μεθ' ἑαυτοῦ λαμπρὰν συλλογὴν τῶν νεωτέρων μοντέλων διὰ πίλους γυναικείων καὶ διὰ εἴδη τῆς Ὑποδηματοποιίας. Ὁ κ. Φιλαρετόπουλος ἐγκατέστησε τὸ μέγαρόν του ἐπὶ τῆς ὁδοῦ Αἰόλου ἀριθ. 82.

— Ἤρχισαν νέαι συλλογαὶ εἰδῶν διὰ τὸν χειμῶνα καὶ εἰς τοῦ Μαρούλη.

— ΣΤΟΥ ΓΕΩΡΓΑΤΟΥ. Μόνον μία μέρα εἶνε τὰ φρέσκα πηρεστικὰ δέρματα καὶ φέρμενα ἐκεῖνα Χρηματιστήριον.

ΝΕΑΙ ΕΚΔΟΣΕΙΣ

ΣΤΑΥΡΑΕΤΟΣ. Τὸ τελευταῖον φύλλον τῆς εὐμεταδότου ταύτης ἐφημερίδος περιέχει ποικίλην καὶ ἐκλεκτὴν ὕλην ἐν τιμῇ χαράσσεις εἰς τὸν θαυμάσιον αὐτῆς κειμένου καὶ ἀναμένεις ἐξ αὐτῆς, χαράξεις ἐξ ἄλλων.

ΟΛΙΓΑ ΠΕΡΙΕΧΟΜΕΝΑ
Ἐκ τῆς προσεχῶς ἐκδοθησομένης ΓΕΩΡΓΙΑΣ & ΚΤΗΝΟΤΡΟΦΙΑΣ

Πῶς πρέπει ν' ἀνέρχεται ἐν Ἑλλάδι ἡ Κάμηλος.—Προβατοτροφία πλήρης.—Ἑλληνικὰ πτηνὰ δέους.—Περὶ ἀναπτύξεως ἀγελαίων.—Περὶ κοτέλου.—Περὶ χοίρων καὶ κανονισμῶν.—Περὶ ζώων εἰς ἄλλα.—Περὶ ἀγρῶν.—Περὶ πρόσθηκης ἵππων εἰς τὸν ἀπιστὸν ὁμόφυλον τῆς γεωργίας.—Περὶ πλουτισμοῦ τῆς γῆς ἐν τῇ θερμοκηπιακῇ.—Ἀρίσταις ἀνεμομύλοις.—Περὶ ἀμπέλου καὶ πυρὸς.—Περὶ κονιαμάτων.—Περὶ κήπων.

Περὶ τῶν ἀσθενειῶν τῶν πτηνῶν.—Περὶ ἀλεύρων καὶ πρόσθηκης.—Κτηνοτρόφος πράγματα.—Περὶ βοτάνων.—Κατασκευὴ ὅλων τῶν εἰδῶν.—Ξυλουργικὰ ἐργαλεῖα.—Περὶ συντηρήσεως καρπῶν.—Περὶ μελισσῶν.—Τὸ φρύαγμα τοῦ σίτου.—Ὁδηγίαι διὰ τὰς νοσηλείας καὶ ἑκατοντάδας ἄλλων χρησίμων γνώσεων.

Τὸ βιβλίον τοῦτο θὰ κυκλοφορήσῃ προσεχῶς ἐν μεγάλῳ σχήματι καὶ θὰ πωλῆται εἰς τὰ κεντρικὰ βιβλιοπωλεῖα. Αἱ παραγγελίαι στέλλονται πρὸς τὸν ἐκδότην ἐπὶ τοῦ ὀνόματος «ΓΕΩΡΓΙΑΝ ΚΑΙ ΚΤΗΝΟΤΡΟΦΙΑΝ» καὶ κοστίζει 300 εὐθείας εἰκόνας. Ἐκδότης Ἰωάν. Δ. Φράγκος.

ΥΔΩΡ ΛΟΥΤΡΑΚΙΟΥ
(Ἀλάνθαστον κατὰ τῆς ψαμμιάσεως, λιθιάσεως, στομαχικῶν)

Κομίζω καθ' ἑκάστην τὸ νερὸν τῆς πηγῆς εἰς τὸν κατάστημα μου ἐπὶ τῆς ὁδοῦ Σταδίου 36 ἔναντι οἰκίας Καραγιάννη ἀποθήκην μου.

Δ. Χ. Ἀποστολέλης
ἐκ Λουτρακίου

Ἐπαυλις μετὰ 2 χωριστῶν οἰκιῶν, μὴ ἀπέχουσα πολὺ τῶν Ἀθηνῶν, μὲ εὐρυχωρίαν, κατάλληλος διὰ μεγάλην οἰκογένειαν κατ' ἀπομόνωσιν, πωλεῖται ἐὰν ἐπὶ δὲ διαφόροις καὶ τὸ εὔθετον ἔνδρων πωλεῖται εἰς τὸ ἐπί τῆς ἀγορᾶς τῆς Κηφισσιᾶς. Πληροφορίαι παρὰ τῷ ἰδιοκτήτῃ.
